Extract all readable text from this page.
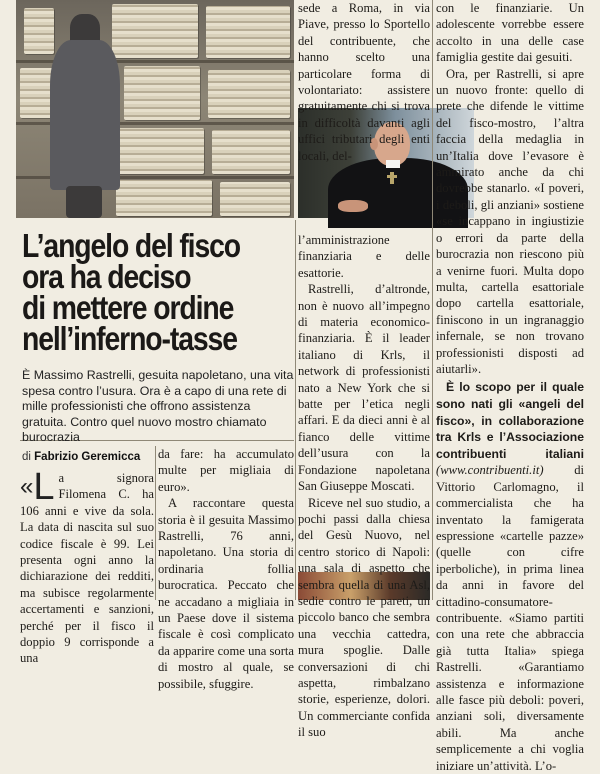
sede a Roma, in via Piave, presso lo Sportello del contribuente, che hanno scelto una particolare forma di volontariato: assistere gratuitamente chi si trova in difficoltà davanti agli uffici tributari degli enti locali, del-

con le finanziarie. Un adolescente vorrebbe essere accolto in una delle case famiglia gestite dai gesuiti.

Ora, per Rastrelli, si apre un nuovo fronte: quello di prete che difende le vittime del fisco-mostro, l’altra faccia della medaglia in un’Italia dove l’evasore è ammirato anche da chi dovrebbe stanarlo. «I poveri, i deboli, gli anziani» sostiene «se incappano in ingiustizie o errori da parte della burocrazia non riescono più a venirne fuori. Multa dopo multa, cartella esattoriale dopo cartella esattoriale, finiscono in un ingranaggio infernale, se non trovano professionisti disposti ad aiutarli».

È lo scopo per il quale sono nati gli «angeli del fisco», in collaborazione tra Krls e l’Associazione contribuenti italiani (www.contribuenti.it) di Vittorio Carlomagno, il commercialista che ha inventato la famigerata espressione «cartelle pazze» (quelle con cifre iperboliche), in prima linea da anni in favore del cittadino-consumatore-contribuente. «Siamo partiti con una rete che abbraccia già tutta Italia» spiega Rastrelli. «Garantiamo assistenza e informazione alle fasce più deboli: poveri, anziani soli, diversamente abili. Ma anche semplicemente a chi voglia iniziare un’attività. L’o-

L’angelo del fisco
ora ha deciso
di mettere ordine
nell’inferno-tasse

È Massimo Rastrelli, gesuita napoletano, una vita spesa contro l’usura. Ora è a capo di una rete di mille professionisti che offrono assistenza gratuita. Contro quel nuovo mostro chiamato burocrazia

di Fabrizio Geremicca

l’amministrazione finanziaria e delle esattorie.

Rastrelli, d’altronde, non è nuovo all’impegno di materia economico-finanziaria. È il leader italiano di Krls, il network di professionisti nato a New York che si batte per l’etica negli affari. E da dieci anni è al fianco delle vittime dell’usura con la Fondazione napoletana San Giuseppe Moscati.

Riceve nel suo studio, a pochi passi dalla chiesa del Gesù Nuovo, nel centro storico di Napoli: una sala di aspetto che sembra quella di una Asl, sedie contro le pareti, un piccolo banco che sembra una vecchia cattedra, mura spoglie. Dalle conversazioni di chi aspetta, rimbalzano storie, esperienze, dolori. Un commerciante confida il suo

«L a signora Filomena C. ha 106 anni e vive da sola. La data di nascita sul suo codice fiscale è 99. Lei presenta ogni anno la dichiarazione dei redditi, ma subisce regolarmente accertamenti e sanzioni, perché per il fisco il doppio 9 corrisponde a una

da fare: ha accumulato multe per migliaia di euro».

A raccontare questa storia è il gesuita Massimo Rastrelli, 76 anni, napoletano. Una storia di ordinaria follia burocratica. Peccato che ne accadano a migliaia in un Paese dove il sistema fiscale è così complicato da apparire come una sorta di mostro al quale, se possibile, sfuggire.
